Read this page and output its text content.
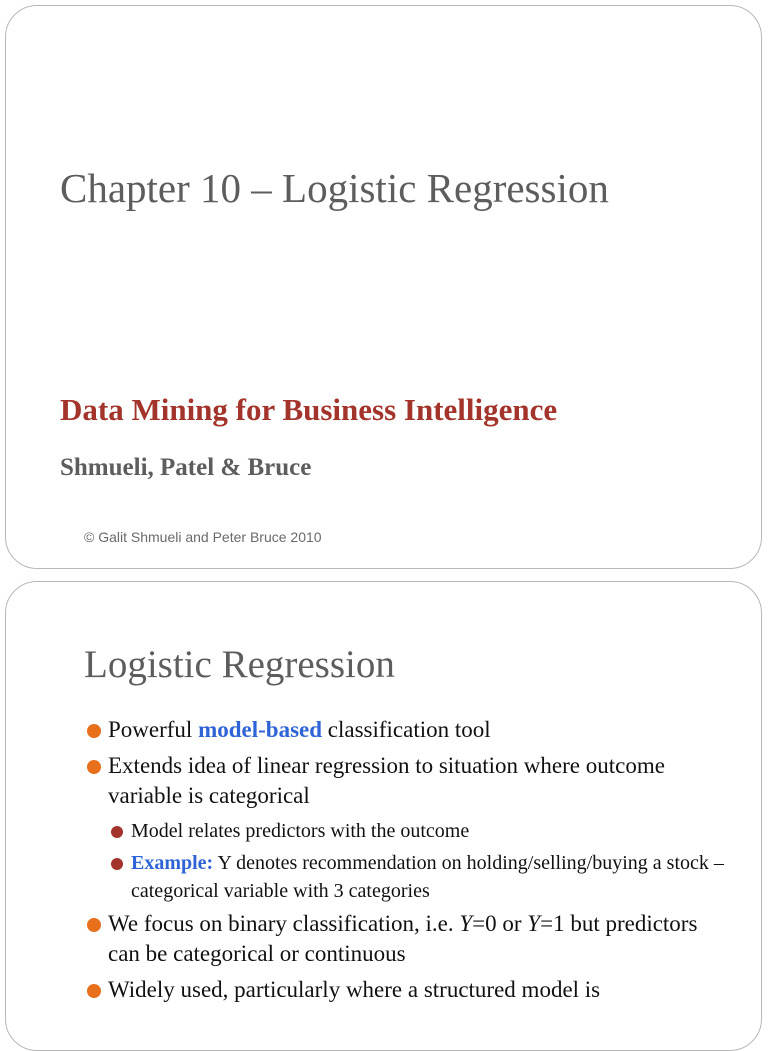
Chapter 10 – Logistic Regression
Data Mining for Business Intelligence
Shmueli, Patel & Bruce
© Galit Shmueli and Peter Bruce 2010
Logistic Regression
Powerful model-based classification tool
Extends idea of linear regression to situation where outcome variable is categorical
Model relates predictors with the outcome
Example: Y denotes recommendation on holding/selling/buying a stock – categorical variable with 3 categories
We focus on binary classification, i.e. Y=0 or Y=1 but predictors can be categorical or continuous
Widely used, particularly where a structured model is
